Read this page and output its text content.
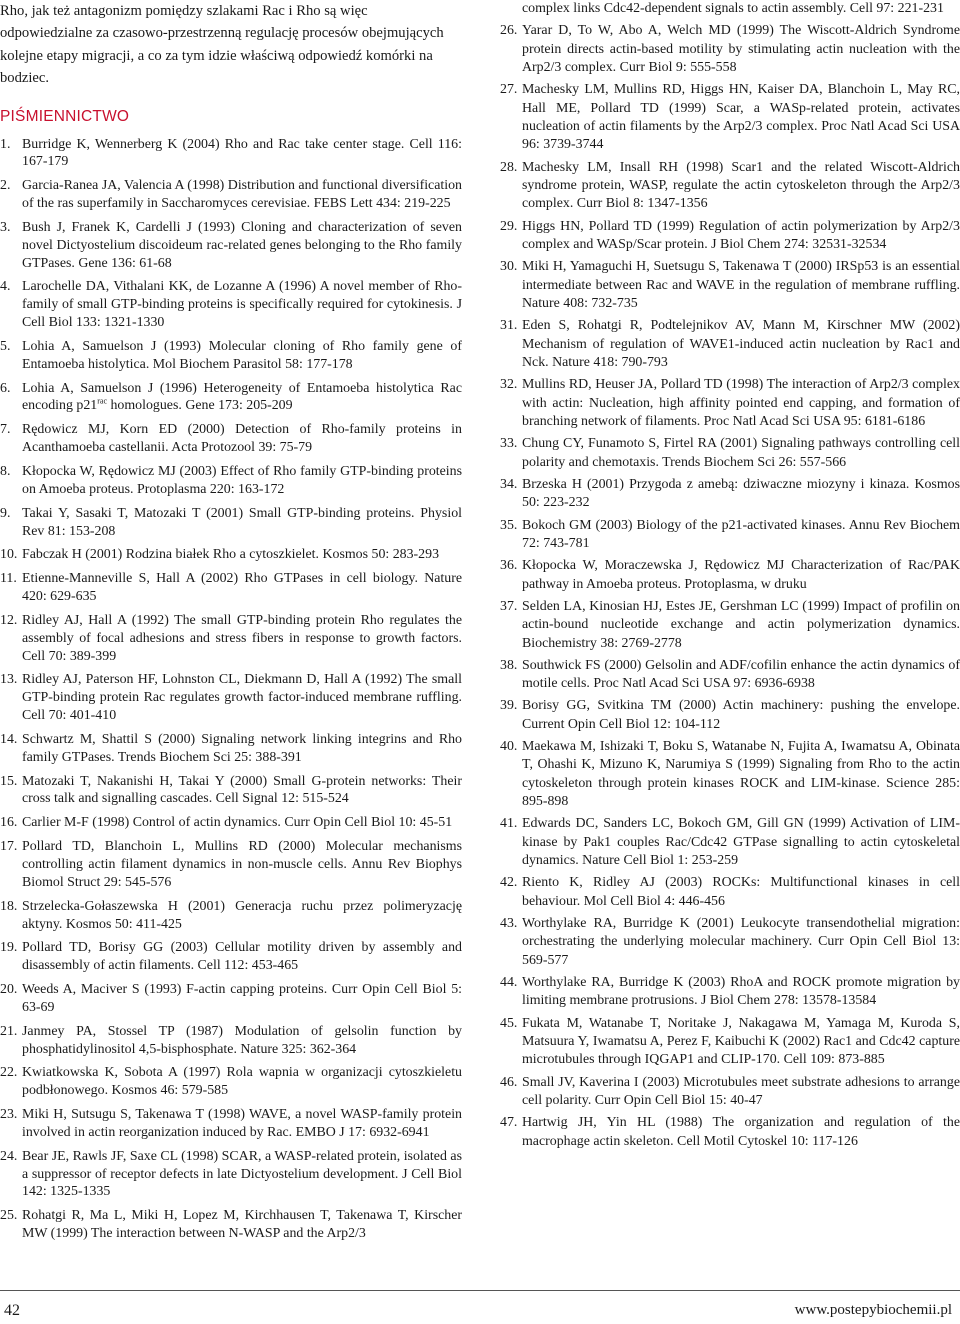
Rho, jak też antagonizm pomiędzy szlakami Rac i Rho są więc odpowiedzialne za czasowo-przestrzenną regulację procesów obejmujących kolejne etapy migracji, a co za tym idzie właściwą odpowiedź komórki na bodziec.

PIŚMIENNICTWO
1. Burridge K, Wennerberg K (2004) Rho and Rac take center stage. Cell 116: 167-179
2. Garcia-Ranea JA, Valencia A (1998) Distribution and functional diversification of the ras superfamily in Saccharomyces cerevisiae. FEBS Lett 434: 219-225
3. Bush J, Franek K, Cardelli J (1993) Cloning and characterization of seven novel Dictyostelium discoideum rac-related genes belonging to the Rho family GTPases. Gene 136: 61-68
4. Larochelle DA, Vithalani KK, de Lozanne A (1996) A novel member of Rho-family of small GTP-binding proteins is specifically required for cytokinesis. J Cell Biol 133: 1321-1330
5. Lohia A, Samuelson J (1993) Molecular cloning of Rho family gene of Entamoeba histolytica. Mol Biochem Parasitol 58: 177-178
6. Lohia A, Samuelson J (1996) Heterogeneity of Entamoeba histolytica Rac encoding $p21^{rac}$ homologues. Gene 173: 205-209
7. Rędowicz MJ, Korn ED (2000) Detection of Rho-family proteins in Acanthamoeba castellanii. Acta Protozool 39: 75-79
8. Kłopocka W, Rędowicz MJ (2003) Effect of Rho family GTP-binding proteins on Amoeba proteus. Protoplasma 220: 163-172
9. Takai Y, Sasaki T, Matozaki T (2001) Small GTP-binding proteins. Physiol Rev 81: 153-208
10. Fabczak H (2001) Rodzina białek Rho a cytoszkielet. Kosmos 50: 283-293
11. Etienne-Manneville S, Hall A (2002) Rho GTPases in cell biology. Nature 420: 629-635
12. Ridley AJ, Hall A (1992) The small GTP-binding protein Rho regulates the assembly of focal adhesions and stress fibers in response to growth factors. Cell 70: 389-399
13. Ridley AJ, Paterson HF, Lohnston CL, Diekmann D, Hall A (1992) The small GTP-binding protein Rac regulates growth factor-induced membrane ruffling. Cell 70: 401-410
14. Schwartz M, Shattil S (2000) Signaling network linking integrins and Rho family GTPases. Trends Biochem Sci 25: 388-391
15. Matozaki T, Nakanishi H, Takai Y (2000) Small G-protein networks: Their cross talk and signalling cascades. Cell Signal 12: 515-524
16. Carlier M-F (1998) Control of actin dynamics. Curr Opin Cell Biol 10: 45-51
17. Pollard TD, Blanchoin L, Mullins RD (2000) Molecular mechanisms controlling actin filament dynamics in non-muscle cells. Annu Rev Biophys Biomol Struct 29: 545-576
18. Strzelecka-Gołaszewska H (2001) Generacja ruchu przez polimeryzację aktyny. Kosmos 50: 411-425
19. Pollard TD, Borisy GG (2003) Cellular motility driven by assembly and disassembly of actin filaments. Cell 112: 453-465
20. Weeds A, Maciver S (1993) F-actin capping proteins. Curr Opin Cell Biol 5: 63-69
21. Janmey PA, Stossel TP (1987) Modulation of gelsolin function by phosphatidylinositol 4,5-bisphosphate. Nature 325: 362-364
22. Kwiatkowska K, Sobota A (1997) Rola wapnia w organizacji cytoszkieletu podbłonowego. Kosmos 46: 579-585
23. Miki H, Sutsugu S, Takenawa T (1998) WAVE, a novel WASP-family protein involved in actin reorganization induced by Rac. EMBO J 17: 6932-6941
24. Bear JE, Rawls JF, Saxe CL (1998) SCAR, a WASP-related protein, isolated as a suppressor of receptor defects in late Dictyostelium development. J Cell Biol 142: 1325-1335
25. Rohatgi R, Ma L, Miki H, Lopez M, Kirchhausen T, Takenawa T, Kirscher MW (1999) The interaction between N-WASP and the Arp2/3

complex links Cdc42-dependent signals to actin assembly. Cell 97: 221-231

26. Yarar D, To W, Abo A, Welch MD (1999) The Wiscott-Aldrich Syndrome protein directs actin-based motility by stimulating actin nucleation with the Arp2/3 complex. Curr Biol 9: 555-558
27. Machesky LM, Mullins RD, Higgs HN, Kaiser DA, Blanchoin L, May RC, Hall ME, Pollard TD (1999) Scar, a WASp-related protein, activates nucleation of actin filaments by the Arp2/3 complex. Proc Natl Acad Sci USA 96: 3739-3744
28. Machesky LM, Insall RH (1998) Scar1 and the related Wiscott-Aldrich syndrome protein, WASP, regulate the actin cytoskeleton through the Arp2/3 complex. Curr Biol 8: 1347-1356
29. Higgs HN, Pollard TD (1999) Regulation of actin polymerization by Arp2/3 complex and WASp/Scar protein. J Biol Chem 274: 32531-32534
30. Miki H, Yamaguchi H, Suetsugu S, Takenawa T (2000) IRSp53 is an essential intermediate between Rac and WAVE in the regulation of membrane ruffling. Nature 408: 732-735
31. Eden S, Rohatgi R, Podtelejnikov AV, Mann M, Kirschner MW (2002) Mechanism of regulation of WAVE1-induced actin nucleation by Rac1 and Nck. Nature 418: 790-793
32. Mullins RD, Heuser JA, Pollard TD (1998) The interaction of Arp2/3 complex with actin: Nucleation, high affinity pointed end capping, and formation of branching network of filaments. Proc Natl Acad Sci USA 95: 6181-6186
33. Chung CY, Funamoto S, Firtel RA (2001) Signaling pathways controlling cell polarity and chemotaxis. Trends Biochem Sci 26: 557-566
34. Brzeska H (2001) Przygoda z amebą: dziwaczne miozyny i kinaza. Kosmos 50: 223-232
35. Bokoch GM (2003) Biology of the p21-activated kinases. Annu Rev Biochem 72: 743-781
36. Kłopocka W, Moraczewska J, Rędowicz MJ Characterization of Rac/PAK pathway in Amoeba proteus. Protoplasma, w druku
37. Selden LA, Kinosian HJ, Estes JE, Gershman LC (1999) Impact of profilin on actin-bound nucleotide exchange and actin polymerization dynamics. Biochemistry 38: 2769-2778
38. Southwick FS (2000) Gelsolin and ADF/cofilin enhance the actin dynamics of motile cells. Proc Natl Acad Sci USA 97: 6936-6938
39. Borisy GG, Svitkina TM (2000) Actin machinery: pushing the envelope. Current Opin Cell Biol 12: 104-112
40. Maekawa M, Ishizaki T, Boku S, Watanabe N, Fujita A, Iwamatsu A, Obinata T, Ohashi K, Mizuno K, Narumiya S (1999) Signaling from Rho to the actin cytoskeleton through protein kinases ROCK and LIM-kinase. Science 285: 895-898
41. Edwards DC, Sanders LC, Bokoch GM, Gill GN (1999) Activation of LIM-kinase by Pak1 couples Rac/Cdc42 GTPase signalling to actin cytoskeletal dynamics. Nature Cell Biol 1: 253-259
42. Riento K, Ridley AJ (2003) ROCKs: Multifunctional kinases in cell behaviour. Mol Cell Biol 4: 446-456
43. Worthylake RA, Burridge K (2001) Leukocyte transendothelial migration: orchestrating the underlying molecular machinery. Curr Opin Cell Biol 13: 569-577
44. Worthylake RA, Burridge K (2003) RhoA and ROCK promote migration by limiting membrane protrusions. J Biol Chem 278: 13578-13584
45. Fukata M, Watanabe T, Noritake J, Nakagawa M, Yamaga M, Kuroda S, Matsuura Y, Iwamatsu A, Perez F, Kaibuchi K (2002) Rac1 and Cdc42 capture microtubules through IQGAP1 and CLIP-170. Cell 109: 873-885
46. Small JV, Kaverina I (2003) Microtubules meet substrate adhesions to arrange cell polarity. Curr Opin Cell Biol 15: 40-47
47. Hartwig JH, Yin HL (1988) The organization and regulation of the macrophage actin skeleton. Cell Motil Cytoskel 10: 117-126
42	www.postepybiochemii.pl
